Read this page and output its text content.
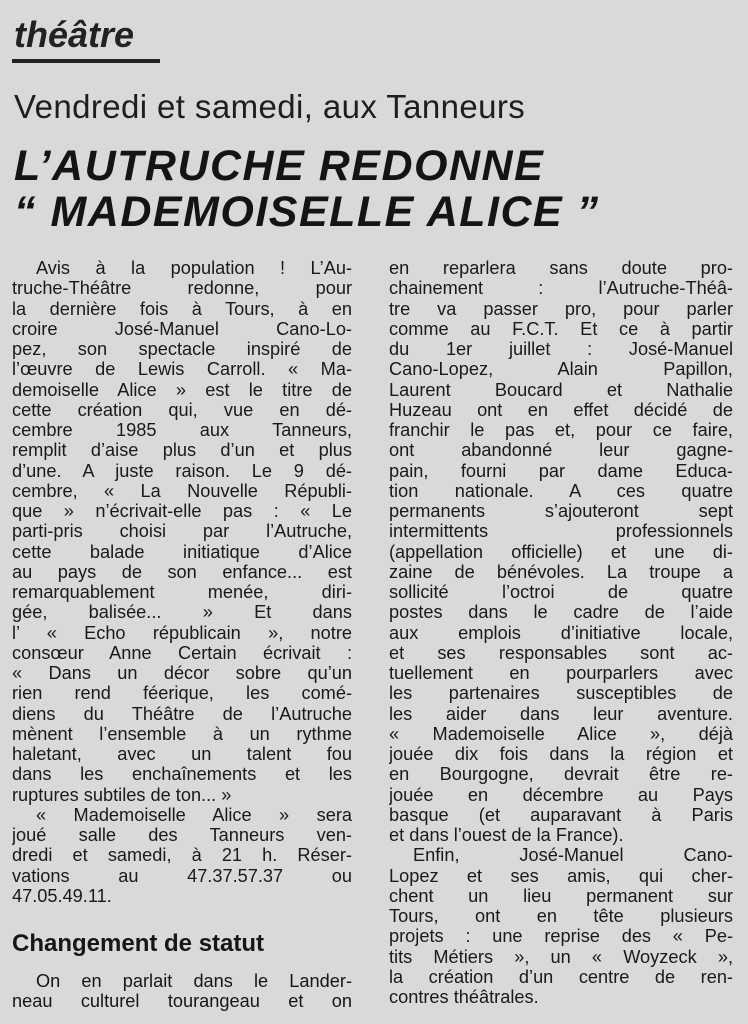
théâtre
Vendredi et samedi, aux Tanneurs
L’AUTRUCHE REDONNE
“ MADEMOISELLE ALICE ”
Avis à la population ! L’Au-
truche-Théâtre redonne, pour
la dernière fois à Tours, à en
croire José-Manuel Cano-Lo-
pez, son spectacle inspiré de
l’œuvre de Lewis Carroll. « Ma-
demoiselle Alice » est le titre de
cette création qui, vue en dé-
cembre 1985 aux Tanneurs,
remplit d’aise plus d’un et plus
d’une. A juste raison. Le 9 dé-
cembre, « La Nouvelle Républi-
que » n’écrivait-elle pas : « Le
parti-pris choisi par l’Autruche,
cette balade initiatique d’Alice
au pays de son enfance... est
remarquablement menée, diri-
gée, balisée... » Et dans
l’ « Echo républicain », notre
consœur Anne Certain écrivait :
« Dans un décor sobre qu’un
rien rend féerique, les comé-
diens du Théâtre de l’Autruche
mènent l’ensemble à un rythme
haletant, avec un talent fou
dans les enchaînements et les
ruptures subtiles de ton... »
« Mademoiselle Alice » sera
joué salle des Tanneurs ven-
dredi et samedi, à 21 h. Réser-
vations au 47.37.57.37 ou
47.05.49.11.
Changement de statut
On en parlait dans le Lander-
neau culturel tourangeau et on
en reparlera sans doute pro-
chainement : l’Autruche-Théâ-
tre va passer pro, pour parler
comme au F.C.T. Et ce à partir
du 1er juillet : José-Manuel
Cano-Lopez, Alain Papillon,
Laurent Boucard et Nathalie
Huzeau ont en effet décidé de
franchir le pas et, pour ce faire,
ont abandonné leur gagne-
pain, fourni par dame Educa-
tion nationale. A ces quatre
permanents s’ajouteront sept
intermittents professionnels
(appellation officielle) et une di-
zaine de bénévoles. La troupe a
sollicité l’octroi de quatre
postes dans le cadre de l’aide
aux emplois d’initiative locale,
et ses responsables sont ac-
tuellement en pourparlers avec
les partenaires susceptibles de
les aider dans leur aventure.
« Mademoiselle Alice », déjà
jouée dix fois dans la région et
en Bourgogne, devrait être re-
jouée en décembre au Pays
basque (et auparavant à Paris
et dans l’ouest de la France).
Enfin, José-Manuel Cano-
Lopez et ses amis, qui cher-
chent un lieu permanent sur
Tours, ont en tête plusieurs
projets : une reprise des « Pe-
tits Métiers », un « Woyzeck »,
la création d’un centre de ren-
contres théâtrales.
